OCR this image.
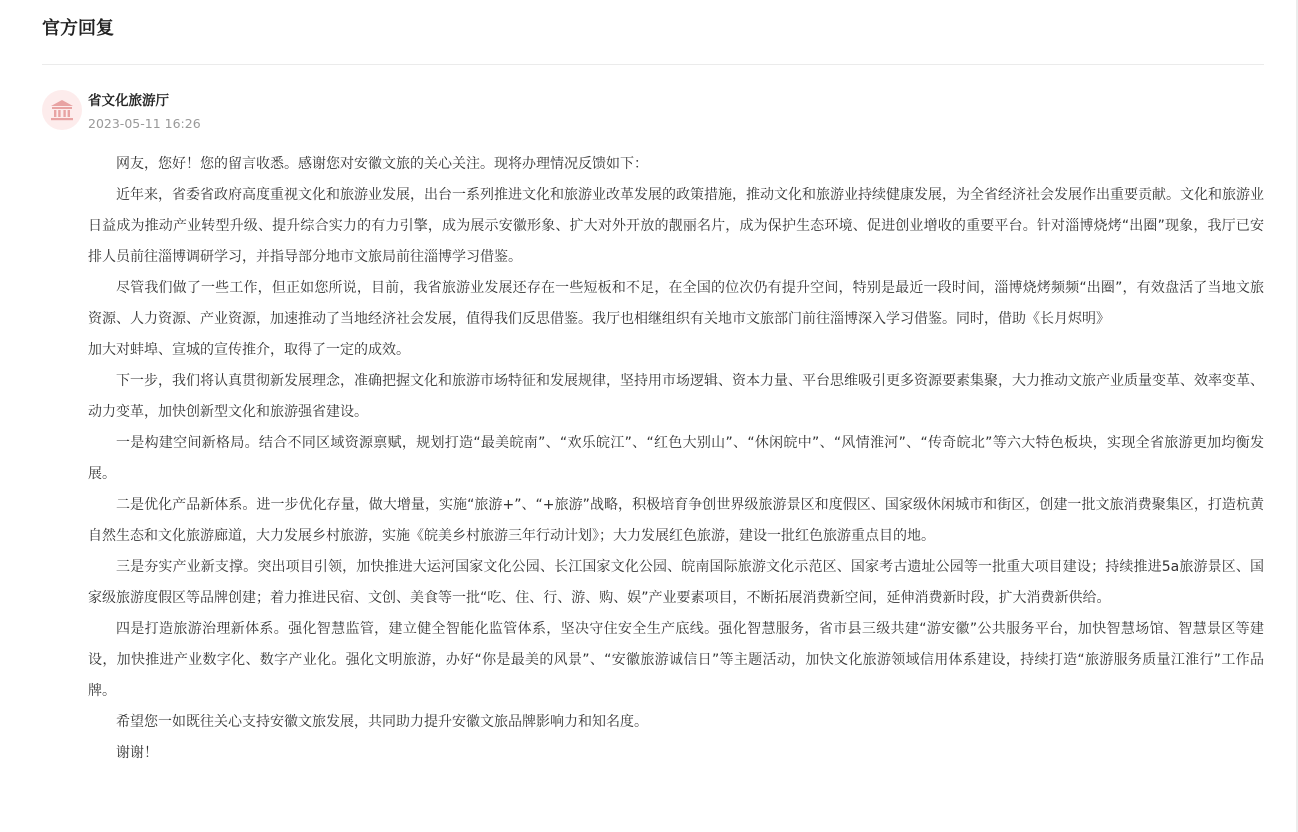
官方回复
省文化旅游厅
2023-05-11 16:26

网友，您好！您的留言收悉。感谢您对安徽文旅的关心关注。现将办理情况反馈如下：

近年来，省委省政府高度重视文化和旅游业发展，出台一系列推进文化和旅游业改革发展的政策措施，推动文化和旅游业持续健康发展，为全省经济社会发展作出重要贡献。文化和旅游业日益成为推动产业转型升级、提升综合实力的有力引擎，成为展示安徽形象、扩大对外开放的靓丽名片，成为保护生态环境、促进创业增收的重要平台。针对淄博烧烤“出圈”现象，我厅已安排人员前往淄博调研学习，并指导部分地市文旅局前往淄博学习借鉴。

尽管我们做了一些工作，但正如您所说，目前，我省旅游业发展还存在一些短板和不足，在全国的位次仍有提升空间，特别是最近一段时间，淄博烧烤频频“出圈”，有效盘活了当地文旅资源、人力资源、产业资源，加速推动了当地经济社会发展，值得我们反思借鉴。我厅也相继组织有关地市文旅部门前往淄博深入学习借鉴。同时，借助《长月烬明》

加大对蚌埠、宣城的宣传推介，取得了一定的成效。

下一步，我们将认真贯彻新发展理念，准确把握文化和旅游市场特征和发展规律，坚持用市场逻辑、资本力量、平台思维吸引更多资源要素集聚，大力推动文旅产业质量变革、效率变革、动力变革，加快创新型文化和旅游强省建设。

一是构建空间新格局。结合不同区域资源禀赋，规划打造“最美皖南”、“欢乐皖江”、“红色大别山”、“休闲皖中”、“风情淮河”、“传奇皖北”等六大特色板块，实现全省旅游更加均衡发展。

二是优化产品新体系。进一步优化存量，做大增量，实施“旅游+”、“+旅游”战略，积极培育争创世界级旅游景区和度假区、国家级休闲城市和街区，创建一批文旅消费聚集区，打造杭黄自然生态和文化旅游廊道，大力发展乡村旅游，实施《皖美乡村旅游三年行动计划》；大力发展红色旅游，建设一批红色旅游重点目的地。

三是夯实产业新支撑。突出项目引领，加快推进大运河国家文化公园、长江国家文化公园、皖南国际旅游文化示范区、国家考古遗址公园等一批重大项目建设；持续推进5a旅游景区、国家级旅游度假区等品牌创建；着力推进民宿、文创、美食等一批“吃、住、行、游、购、娱”产业要素项目，不断拓展消费新空间，延伸消费新时段，扩大消费新供给。

四是打造旅游治理新体系。强化智慧监管，建立健全智能化监管体系，坚决守住安全生产底线。强化智慧服务，省市县三级共建“游安徽”公共服务平台，加快智慧场馆、智慧景区等建设，加快推进产业数字化、数字产业化。强化文明旅游，办好“你是最美的风景”、“安徽旅游诚信日”等主题活动，加快文化旅游领域信用体系建设，持续打造“旅游服务质量江淮行”工作品牌。

希望您一如既往关心支持安徽文旅发展，共同助力提升安徽文旅品牌影响力和知名度。

谢谢！
